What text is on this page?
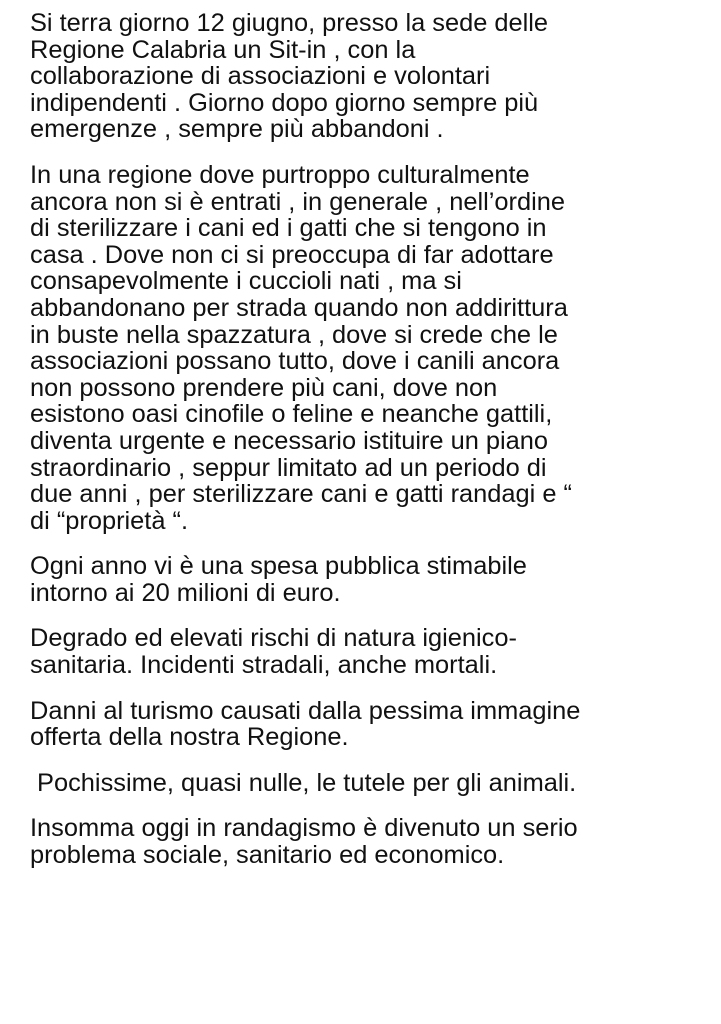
Si terra giorno 12 giugno, presso la sede delle
Regione Calabria un Sit-in , con la
collaborazione di associazioni e volontari
indipendenti . Giorno dopo giorno sempre più
emergenze , sempre più abbandoni .

In una regione dove purtroppo culturalmente
ancora non si è entrati , in generale , nell’ordine
di sterilizzare i cani ed i gatti che si tengono in
casa . Dove non ci si preoccupa di far adottare
consapevolmente i cuccioli nati , ma si
abbandonano per strada quando non addirittura
in buste nella spazzatura , dove si crede che le
associazioni possano tutto, dove i canili ancora
non possono prendere più cani, dove non
esistono oasi cinofile o feline e neanche gattili,
diventa urgente e necessario istituire un piano
straordinario , seppur limitato ad un periodo di
due anni , per sterilizzare cani e gatti randagi e “
di “proprietà “.

Ogni anno vi è una spesa pubblica stimabile
intorno ai 20 milioni di euro.

Degrado ed elevati rischi di natura igienico-
sanitaria. Incidenti stradali, anche mortali.

Danni al turismo causati dalla pessima immagine
offerta della nostra Regione.

Pochissime, quasi nulle, le tutele per gli animali.

Insomma oggi in randagismo è divenuto un serio
problema sociale, sanitario ed economico.
